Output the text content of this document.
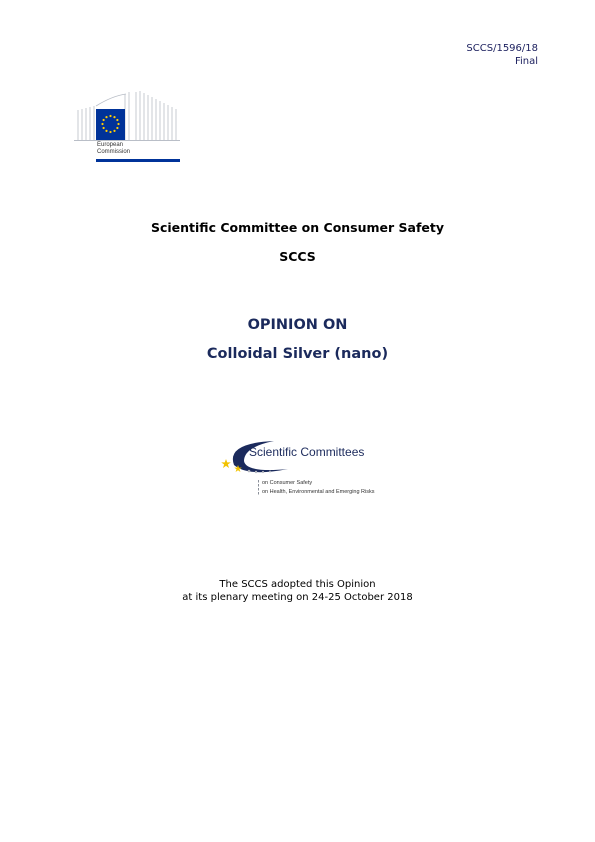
SCCS/1596/18
Final
European
Commission
Scientific Committee on Consumer Safety
SCCS
OPINION ON
Colloidal Silver (nano)
Scientific Committees
on Consumer Safety
on Health, Environmental and Emerging Risks
The SCCS adopted this Opinion
at its plenary meeting on 24-25 October 2018
